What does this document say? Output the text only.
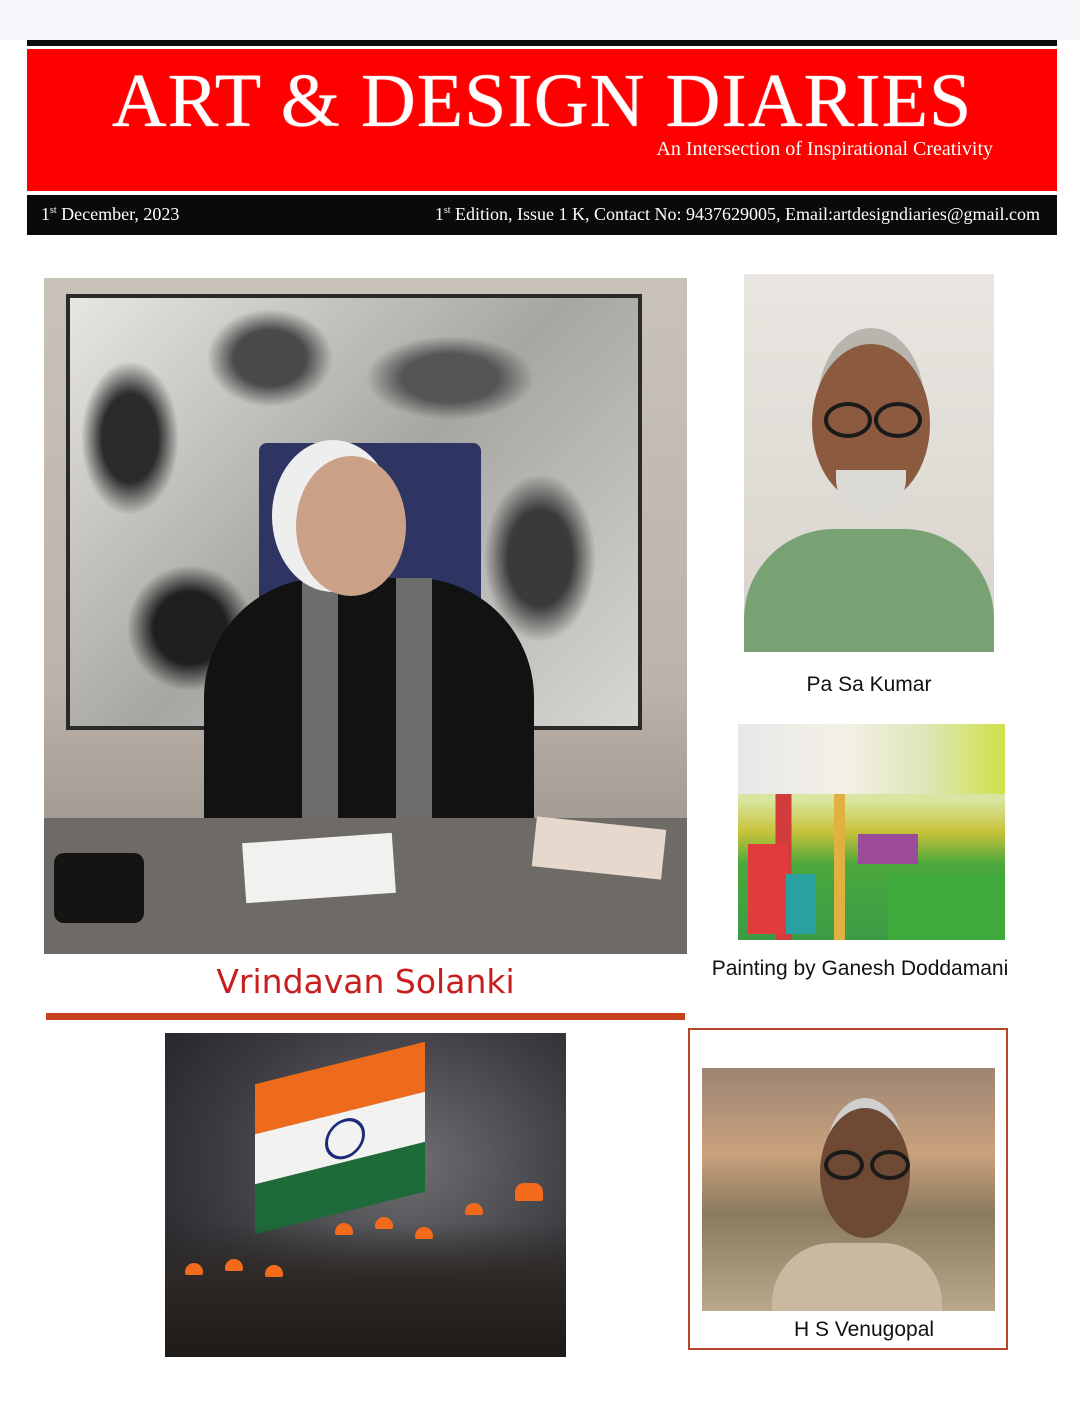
ART & DESIGN DIARIES
An Intersection of Inspirational Creativity
1st December, 2023	1st Edition, Issue 1 K, Contact No: 9437629005, Email:artdesigndiaries@gmail.com
Vrindavan Solanki
Pa Sa Kumar
Painting by Ganesh Doddamani
H S Venugopal
